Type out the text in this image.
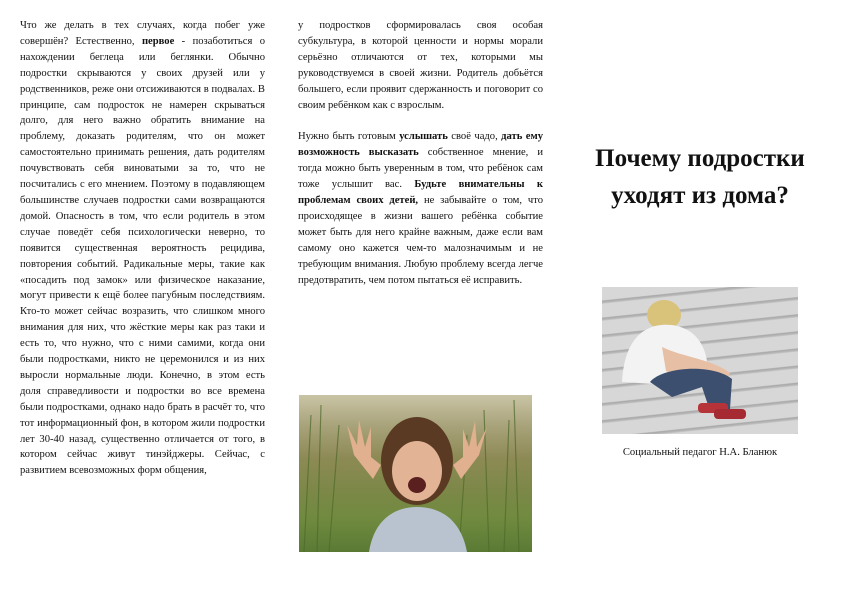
Что же делать в тех случаях, когда побег уже совершён? Естественно, первое - позаботиться о нахождении беглеца или беглянки. Обычно подростки скрываются у своих друзей или у родственников, реже они отсиживаются в подвалах. В принципе, сам подросток не намерен скрываться долго, для него важно обратить внимание на проблему, доказать родителям, что он может самостоятельно принимать решения, дать родителям почувствовать себя виноватыми за то, что не посчитались с его мнением. Поэтому в подавляющем большинстве случаев подростки сами возвращаются домой. Опасность в том, что если родитель в этом случае поведёт себя психологически неверно, то появится существенная вероятность рецидива, повторения событий. Радикальные меры, такие как «посадить под замок» или физическое наказание, могут привести к ещё более пагубным последствиям. Кто-то может сейчас возразить, что слишком много внимания для них, что жёсткие меры как раз таки и есть то, что нужно, что с ними самими, когда они были подростками, никто не церемонился и из них выросли нормальные люди. Конечно, в этом есть доля справедливости и подростки во все времена были подростками, однако надо брать в расчёт то, что тот информационный фон, в котором жили подростки лет 30-40 назад, существенно отличается от того, в котором сейчас живут тинэйджеры. Сейчас, с развитием всевозможных форм общения,

у подростков сформировалась своя особая субкультура, в которой ценности и нормы морали серьёзно отличаются от тех, которыми мы руководствуемся в своей жизни. Родитель добьётся большего, если проявит сдержанность и поговорит со своим ребёнком как с взрослым.

Нужно быть готовым услышать своё чадо, дать ему возможность высказать собственное мнение, и тогда можно быть уверенным в том, что ребёнок сам тоже услышит вас. Будьте внимательны к проблемам своих детей, не забывайте о том, что происходящее в жизни вашего ребёнка событие может быть для него крайне важным, даже если вам самому оно кажется чем-то малозначимым и не требующим внимания. Любую проблему всегда легче предотвратить, чем потом пытаться её исправить.

Почему подростки уходят из дома?

Социальный педагог Н.А. Бланюк
